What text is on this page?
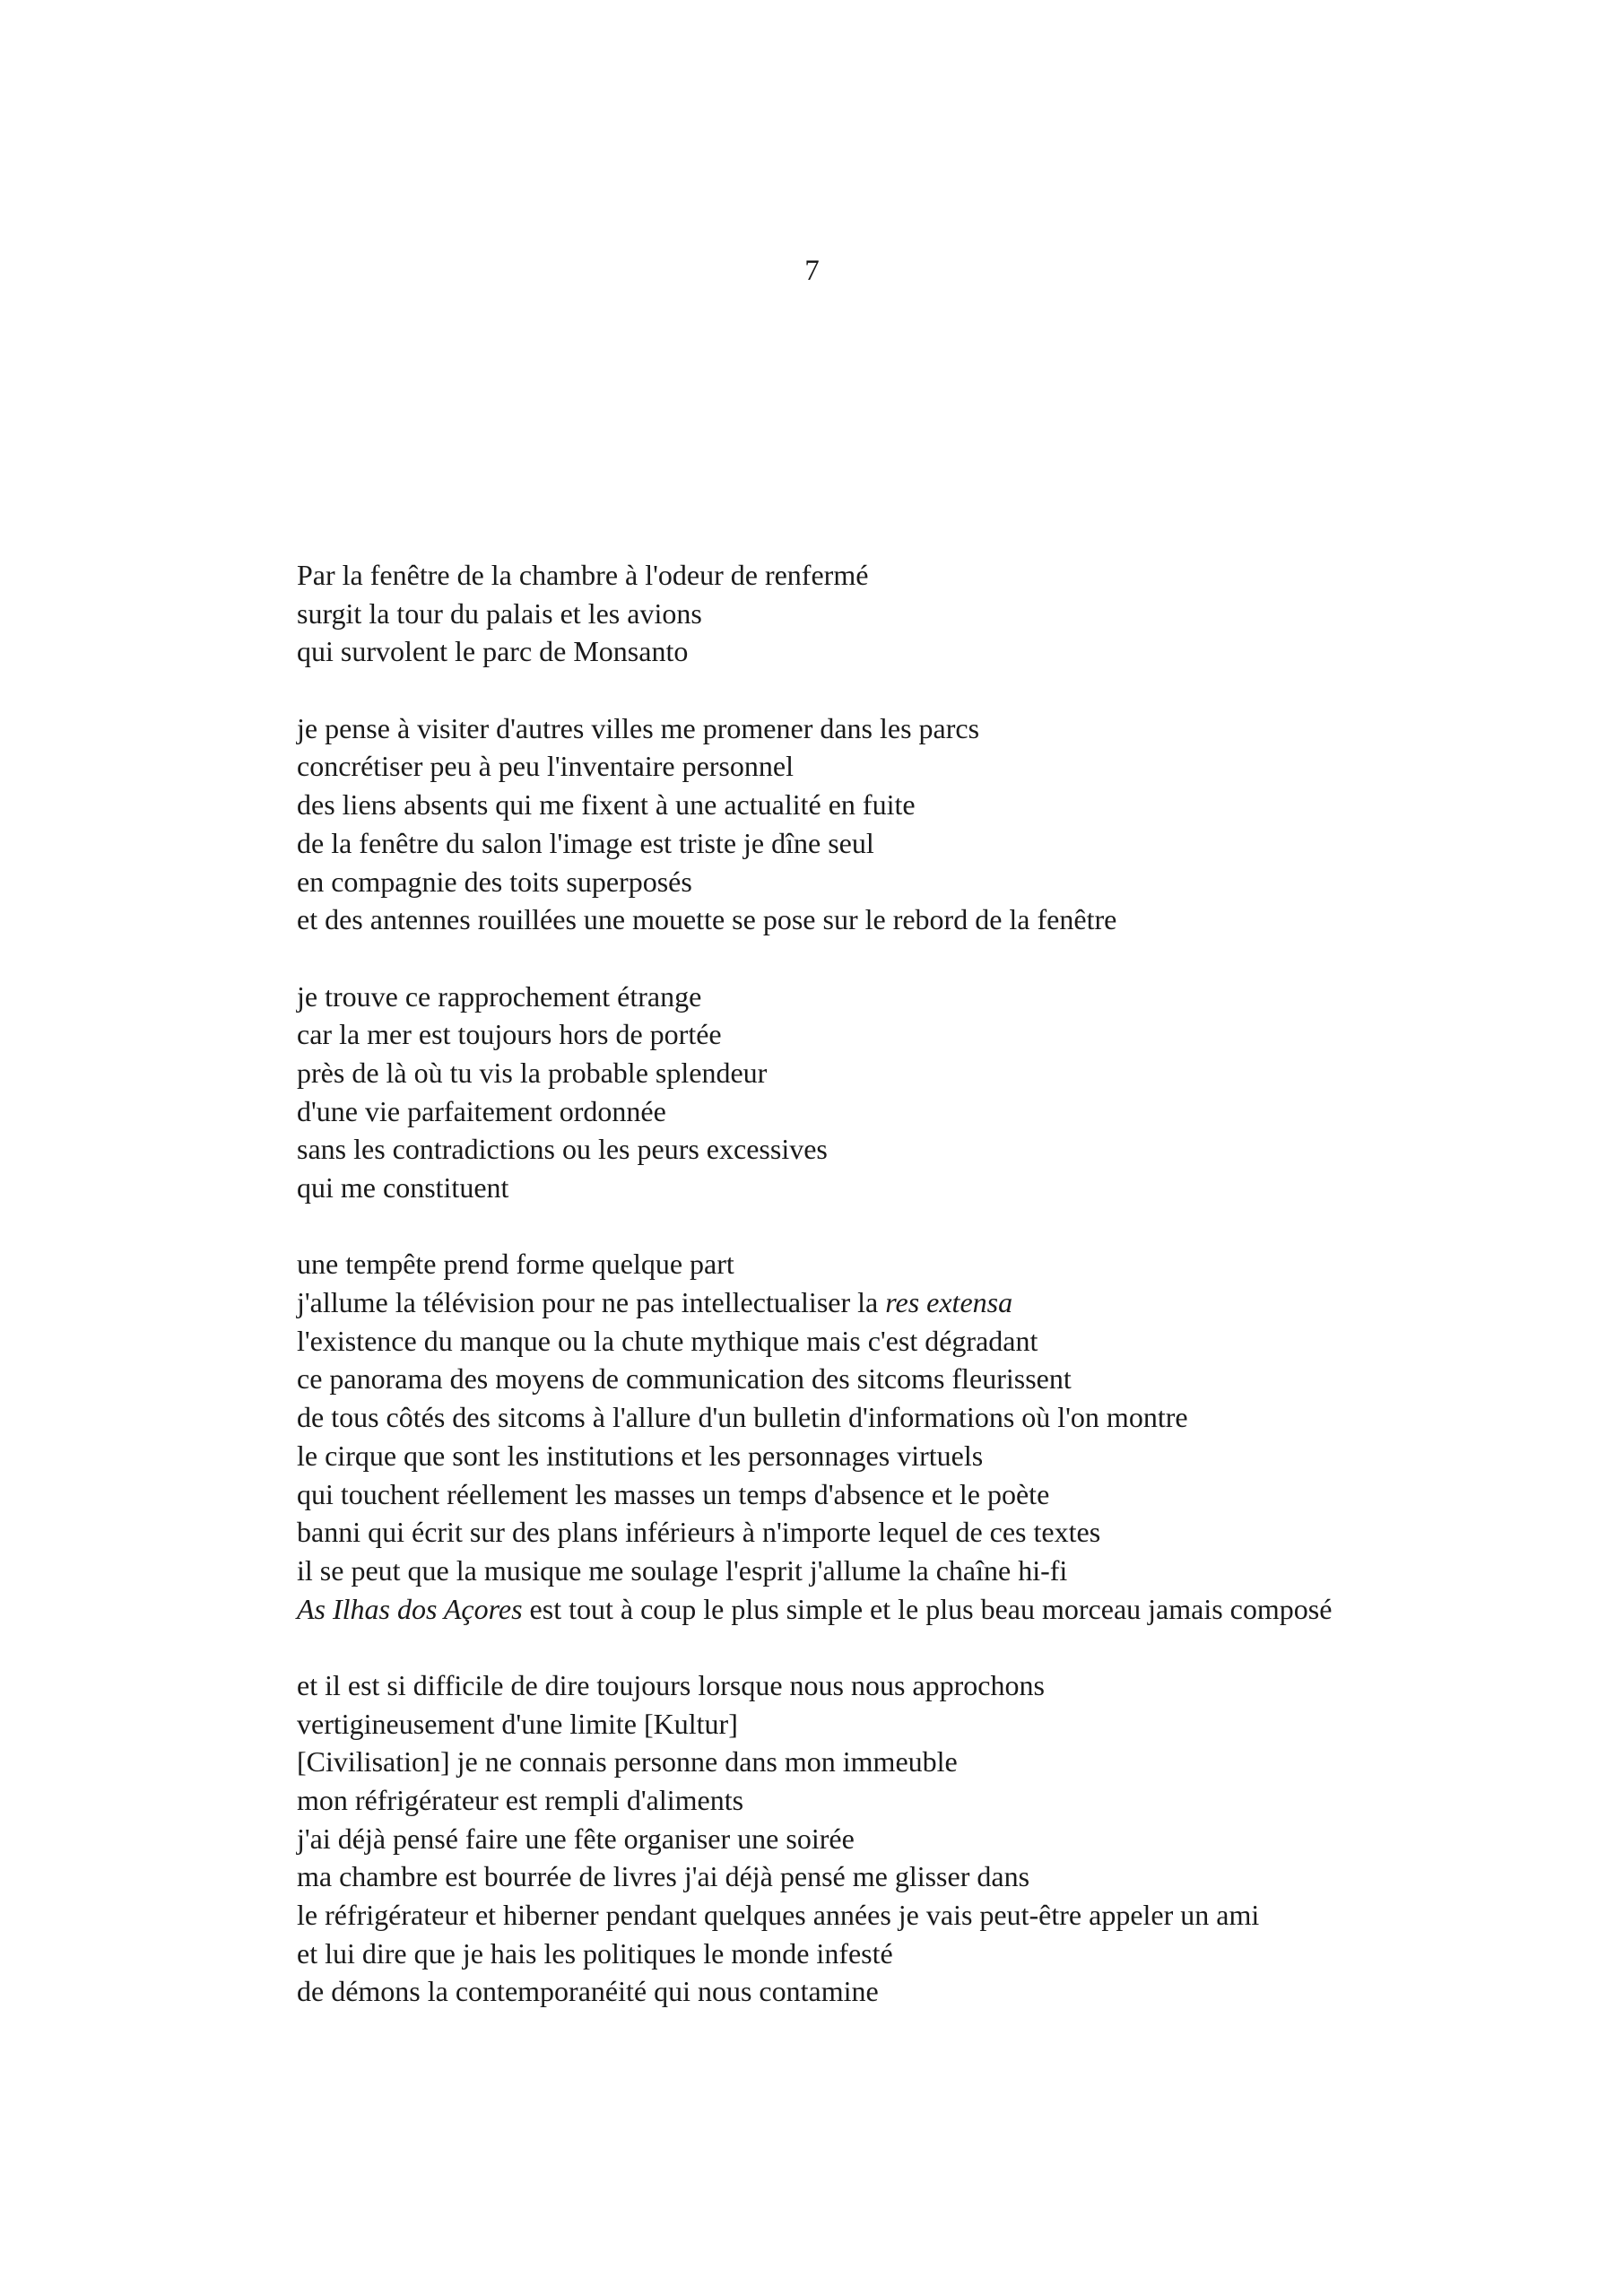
7
Par la fenêtre de la chambre à l'odeur de renfermé
surgit la tour du palais et les avions
qui survolent le parc de Monsanto
je pense à visiter d'autres villes me promener dans les parcs
concrétiser peu à peu l'inventaire personnel
des liens absents qui me fixent à une actualité en fuite
de la fenêtre du salon l'image est triste je dîne seul
en compagnie des toits superposés
et des antennes rouillées une mouette se pose sur le rebord de la fenêtre
je trouve ce rapprochement étrange
car la mer est toujours hors de portée
près de là où tu vis la probable splendeur
d'une vie parfaitement ordonnée
sans les contradictions ou les peurs excessives
qui me constituent
une tempête prend forme quelque part
j'allume la télévision pour ne pas intellectualiser la res extensa
l'existence du manque ou la chute mythique mais c'est dégradant
ce panorama des moyens de communication des sitcoms fleurissent
de tous côtés des sitcoms à l'allure d'un bulletin d'informations où l'on montre
le cirque que sont les institutions et les personnages virtuels
qui touchent réellement les masses un temps d'absence et le poète
banni qui écrit sur des plans inférieurs à n'importe lequel de ces textes
il se peut que la musique me soulage l'esprit j'allume la chaîne hi-fi
As Ilhas dos Açores est tout à coup le plus simple et le plus beau morceau jamais composé
et il est si difficile de dire toujours lorsque nous nous approchons
vertigineusement d'une limite [Kultur]
[Civilisation] je ne connais personne dans mon immeuble
mon réfrigérateur est rempli d'aliments
j'ai déjà pensé faire une fête organiser une soirée
ma chambre est bourrée de livres j'ai déjà pensé me glisser dans
le réfrigérateur et hiberner pendant quelques années je vais peut-être appeler un ami
et lui dire que je hais les politiques le monde infesté
de démons la contemporanéité qui nous contamine
